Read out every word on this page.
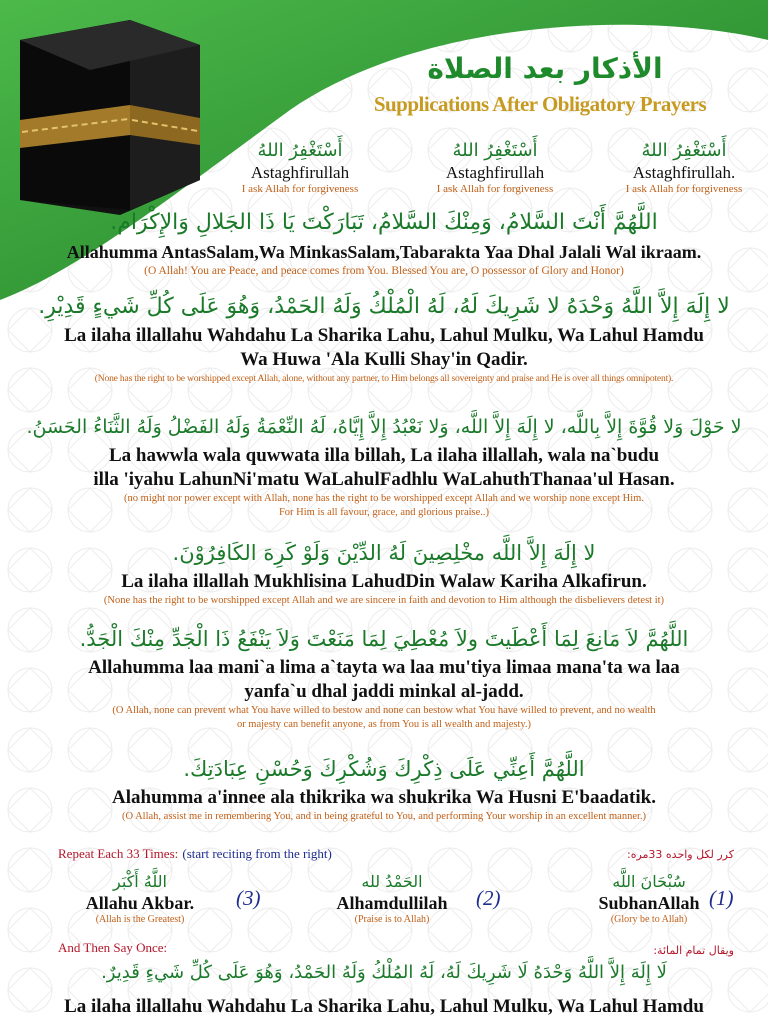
الأذكار بعد الصلاة
Supplications After Obligatory Prayers
أَسْتَغْفِرُ اللهُ
Astaghfirullah
I ask Allah for forgiveness
أَسْتَغْفِرُ اللهُ
Astaghfirullah
I ask Allah for forgiveness
أَسْتَغْفِرُ اللهُ
Astaghfirullah.
I ask Allah for forgiveness
اللَّهُمَّ أَنْتَ السَّلامُ، وَمِنْكَ السَّلامُ، تَبَارَكْتَ يَا ذَا الجَلالِ وَالإِكْرَام.
Allahumma AntasSalam,Wa MinkasSalam,Tabarakta Yaa Dhal Jalali Wal ikraam.
(O Allah! You are Peace, and peace comes from You. Blessed You are, O possessor of Glory and Honor)
لا إِلَهَ إِلاَّ اللَّهُ وَحْدَهُ لا شَرِيكَ لَهُ، لَهُ الْمُلْكُ وَلَهُ الحَمْدُ، وَهُوَ عَلَى كُلِّ شَيءٍ قَدِيْرِ.
La ilaha illallahu Wahdahu La Sharika Lahu, Lahul Mulku, Wa Lahul Hamdu
Wa Huwa 'Ala Kulli Shay'in Qadir.
(None has the right to be worshipped except Allah, alone, without any partner, to Him belongs all sovereignty and praise and He is over all things omnipotent).
لا حَوْلَ وَلا قُوَّةَ إِلاَّ بِاللَّه، لا إِلَهَ إِلاَّ اللَّه، وَلا نَعْبُدُ إِلاَّ إِيَّاهُ، لَهُ النِّعْمَةُ وَلَهُ الفَضْلُ وَلَهُ الثَّنَاءُ الحَسَنُ.
La hawwla wala quwwata illa billah, La ilaha illallah, wala na`budu
illa 'iyahu LahunNi'matu WaLahulFadhlu WaLahuthThanaa'ul Hasan.
(no might nor power except with Allah, none has the right to be worshipped except Allah and we worship none except Him.
For Him is all favour, grace, and glorious praise..)
لا إِلَهَ إِلاَّ اللَّه مخْلِصِينَ لَهُ الدِّيْنَ وَلَوْ كَرِهَ الكَافِرُوْنَ.
La ilaha illallah Mukhlisina LahudDin Walaw Kariha Alkafirun.
(None has the right to be worshipped except Allah and we are sincere in faith and devotion to Him although the disbelievers detest it)
اللَّهُمَّ لاَ مَانِعَ لِمَا أَعْطَيتَ ولاَ مُعْطِيَ لِمَا مَنَعْتَ وَلاَ يَنْفَعُ ذَا الْجَدِّ مِنْكَ الْجَدُّ.
Allahumma laa mani`a lima a`tayta wa laa mu'tiya limaa mana'ta wa laa
yanfa`u dhal jaddi minkal al-jadd.
(O Allah, none can prevent what You have willed to bestow and none can bestow what You have willed to prevent, and no wealth
or majesty can benefit anyone, as from You is all wealth and majesty.)
اللَّهُمَّ أَعِنِّي عَلَى ذِكْرِكَ وَشُكْرِكَ وَحُسْنِ عِبَادَتِكَ.
Alahumma a'innee ala thikrika wa shukrika Wa Husni E'baadatik.
(O Allah, assist me in remembering You, and in being grateful to You, and performing Your worship in an excellent manner.)
Repeat Each 33 Times: (start reciting from the right)	كرر لكل واحده 33مره:
اللَّهُ أَكْبَر
Allahu Akbar.
(Allah is the Greatest)
(3)
الحَمْدُ لله
Alhamdullilah
(Praise is to Allah)
(2)
سُبْحَانَ اللَّه
SubhanAllah
(Glory be to Allah)
(1)
And Then Say Once:	ويقال تمام المائة:
لَا إِلَهَ إِلاَّ اللَّهُ وَحْدَهُ لَا شَرِيكَ لَهُ، لَهُ المُلْكُ وَلَهُ الحَمْدُ، وَهُوَ عَلَى كُلِّ شَيءٍ قَدِيرٌ.
La ilaha illallahu Wahdahu La Sharika Lahu, Lahul Mulku, Wa Lahul Hamdu
